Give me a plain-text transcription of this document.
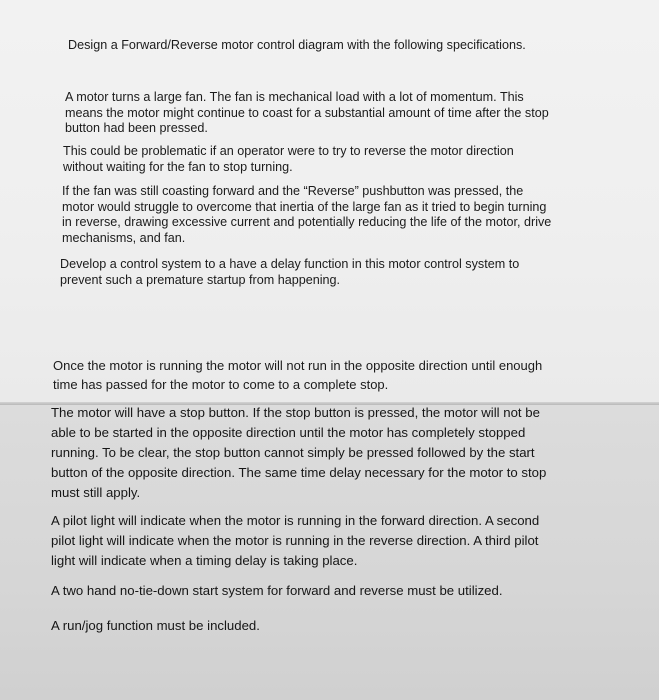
Design a Forward/Reverse motor control diagram with the following specifications.

A motor turns a large fan. The fan is mechanical load with a lot of momentum. This
means the motor might continue to coast for a substantial amount of time after the stop
button had been pressed.

This could be problematic if an operator were to try to reverse the motor direction
without waiting for the fan to stop turning.

If the fan was still coasting forward and the “Reverse” pushbutton was pressed, the
motor would struggle to overcome that inertia of the large fan as it tried to begin turning
in reverse, drawing excessive current and potentially reducing the life of the motor, drive
mechanisms, and fan.

Develop a control system to a have a delay function in this motor control system to
prevent such a premature startup from happening.

Once the motor is running the motor will not run in the opposite direction until enough
time has passed for the motor to come to a complete stop.

The motor will have a stop button. If the stop button is pressed, the motor will not be
able to be started in the opposite direction until the motor has completely stopped
running. To be clear, the stop button cannot simply be pressed followed by the start
button of the opposite direction. The same time delay necessary for the motor to stop
must still apply.

A pilot light will indicate when the motor is running in the forward direction. A second
pilot light will indicate when the motor is running in the reverse direction. A third pilot
light will indicate when a timing delay is taking place.

A two hand no-tie-down start system for forward and reverse must be utilized.

A run/jog function must be included.
